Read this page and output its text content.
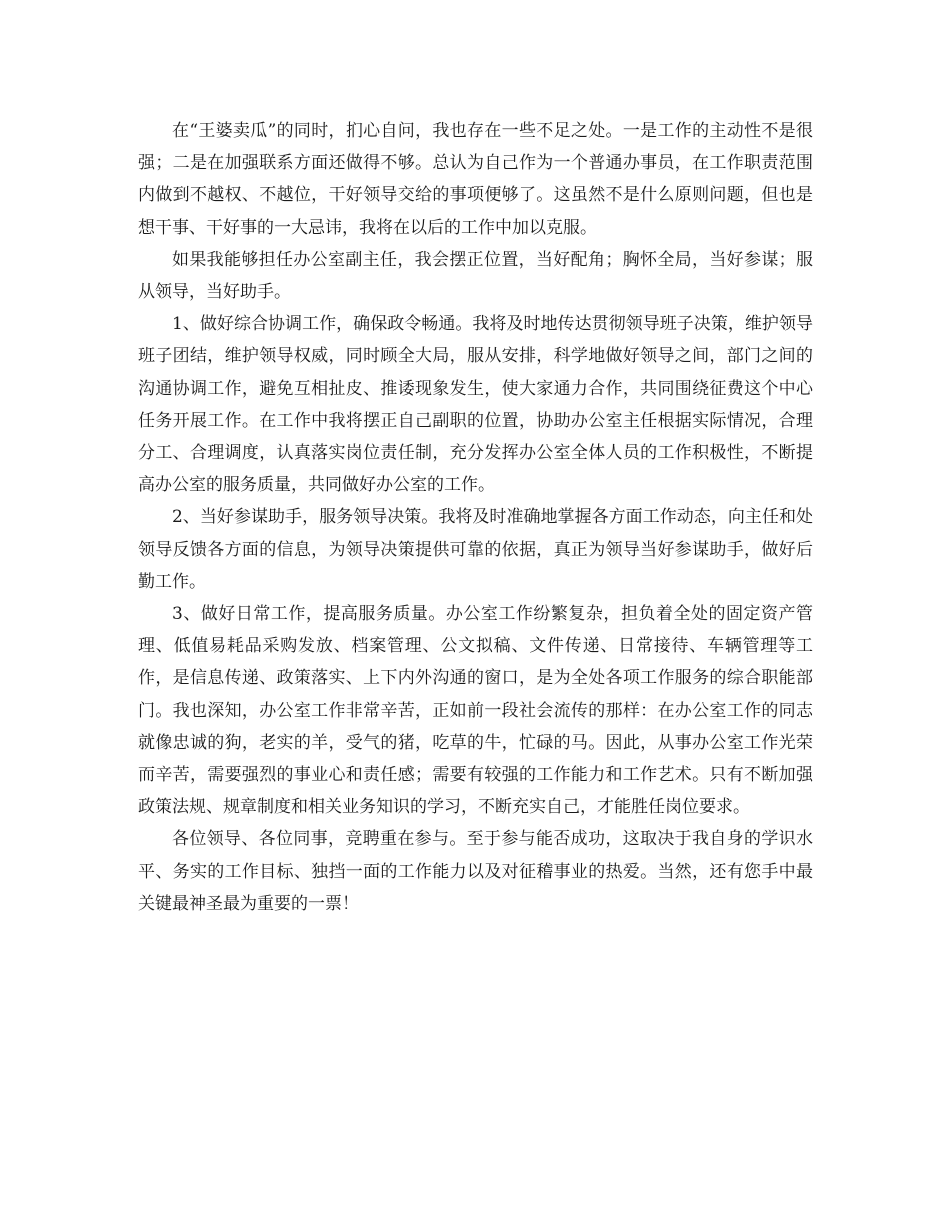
在“王婆卖瓜”的同时，扪心自问，我也存在一些不足之处。一是工作的主动性不是很强；二是在加强联系方面还做得不够。总认为自己作为一个普通办事员，在工作职责范围内做到不越权、不越位，干好领导交给的事项便够了。这虽然不是什么原则问题，但也是想干事、干好事的一大忌讳，我将在以后的工作中加以克服。

如果我能够担任办公室副主任，我会摆正位置，当好配角；胸怀全局，当好参谋；服从领导，当好助手。

1、做好综合协调工作，确保政令畅通。我将及时地传达贯彻领导班子决策，维护领导班子团结，维护领导权威，同时顾全大局，服从安排，科学地做好领导之间，部门之间的沟通协调工作，避免互相扯皮、推诿现象发生，使大家通力合作，共同围绕征费这个中心任务开展工作。在工作中我将摆正自己副职的位置，协助办公室主任根据实际情况，合理分工、合理调度，认真落实岗位责任制，充分发挥办公室全体人员的工作积极性，不断提高办公室的服务质量，共同做好办公室的工作。

2、当好参谋助手，服务领导决策。我将及时准确地掌握各方面工作动态，向主任和处领导反馈各方面的信息，为领导决策提供可靠的依据，真正为领导当好参谋助手，做好后勤工作。

3、做好日常工作，提高服务质量。办公室工作纷繁复杂，担负着全处的固定资产管理、低值易耗品采购发放、档案管理、公文拟稿、文件传递、日常接待、车辆管理等工作，是信息传递、政策落实、上下内外沟通的窗口，是为全处各项工作服务的综合职能部门。我也深知，办公室工作非常辛苦，正如前一段社会流传的那样：在办公室工作的同志就像忠诚的狗，老实的羊，受气的猪，吃草的牛，忙碌的马。因此，从事办公室工作光荣而辛苦，需要强烈的事业心和责任感；需要有较强的工作能力和工作艺术。只有不断加强政策法规、规章制度和相关业务知识的学习，不断充实自己，才能胜任岗位要求。

各位领导、各位同事，竞聘重在参与。至于参与能否成功，这取决于我自身的学识水平、务实的工作目标、独挡一面的工作能力以及对征稽事业的热爱。当然，还有您手中最关键最神圣最为重要的一票！
